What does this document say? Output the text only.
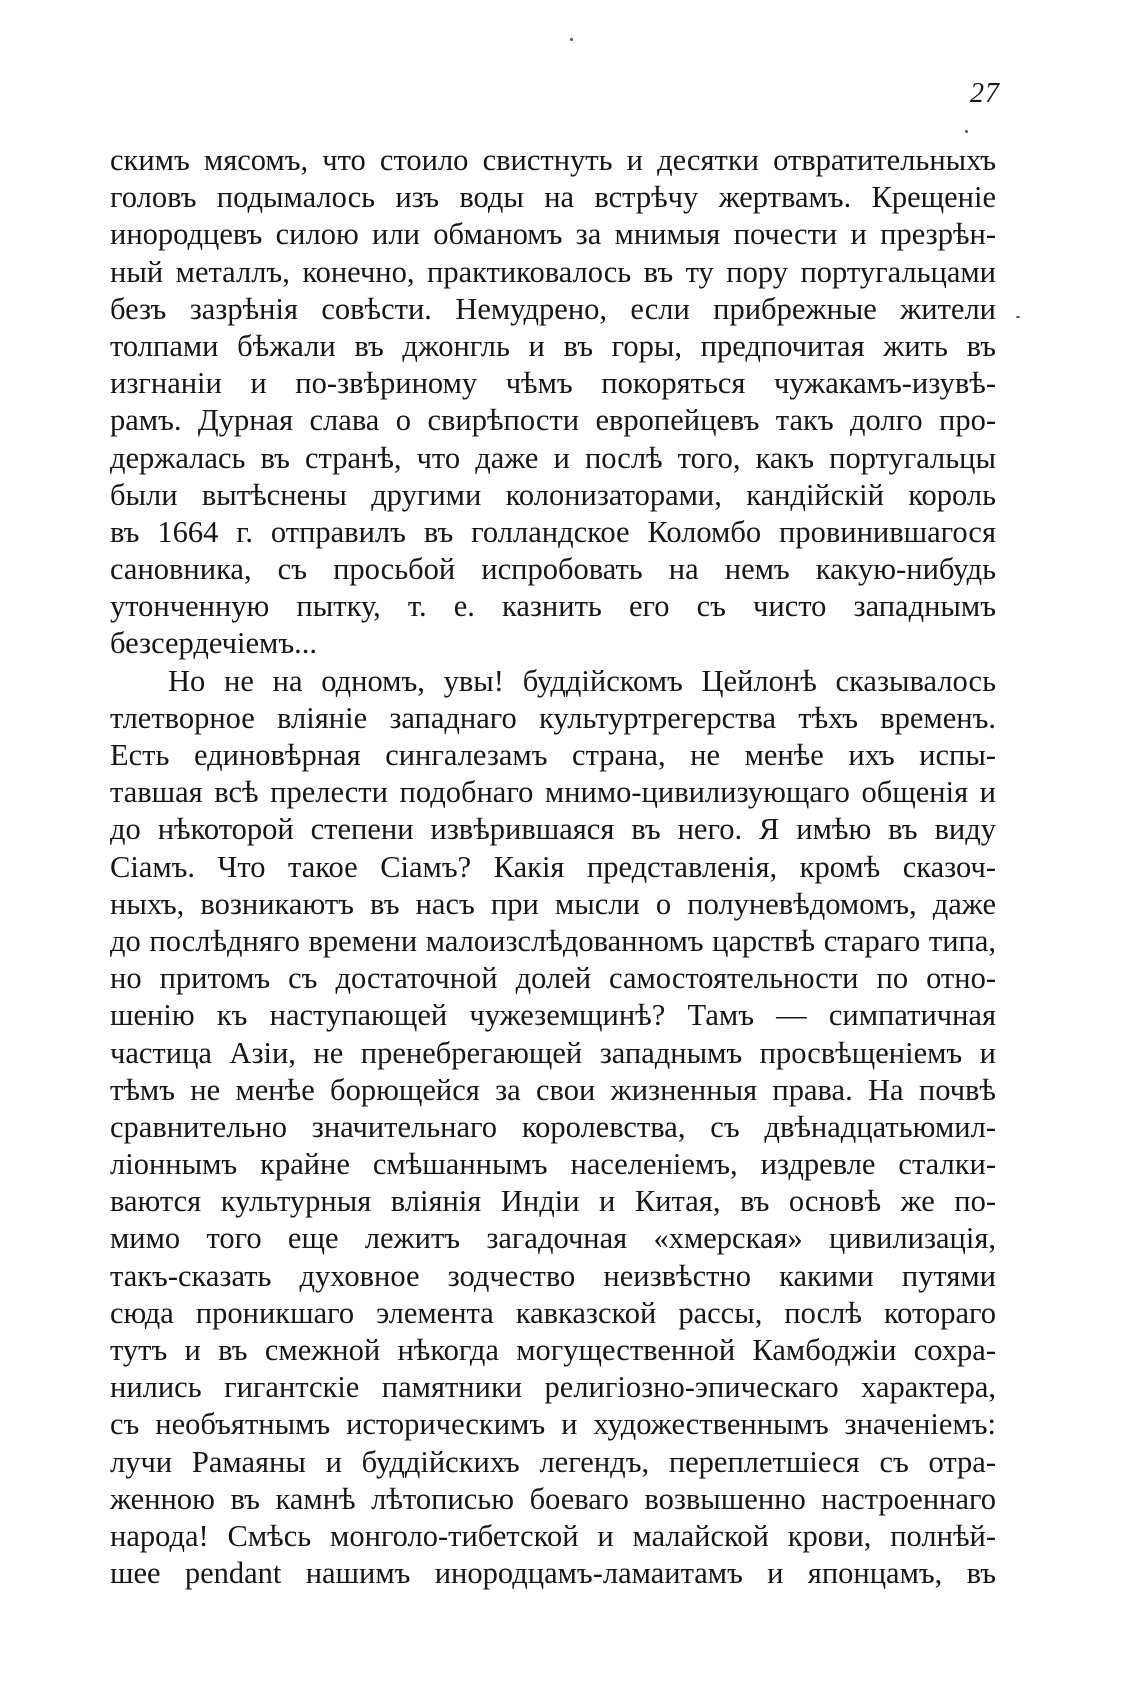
27
скимъ мясомъ, что стоило свистнуть и десятки отвратительныхъ
головъ подымалось изъ воды на встрѣчу жертвамъ. Крещеніе
инородцевъ силою или обманомъ за мнимыя почести и презрѣн-
ный металлъ, конечно, практиковалось въ ту пору португальцами
безъ зазрѣнія совѣсти. Немудрено, если прибрежные жители
толпами бѣжали въ джонгль и въ горы, предпочитая жить въ
изгнаніи и по-звѣриному чѣмъ покоряться чужакамъ-изувѣ-
рамъ. Дурная слава о свирѣпости европейцевъ такъ долго про-
держалась въ странѣ, что даже и послѣ того, какъ португальцы
были вытѣснены другими колонизаторами, кандійскій король
въ 1664 г. отправилъ въ голландское Коломбо провинившагося
сановника, съ просьбой испробовать на немъ какую-нибудь
утонченную пытку, т. е. казнить его съ чисто западнымъ
безсердечіемъ...
Но не на одномъ, увы! буддійскомъ Цейлонѣ сказывалось
тлетворное вліяніе западнаго культуртрегерства тѣхъ временъ.
Есть единовѣрная сингалезамъ страна, не менѣе ихъ испы-
тавшая всѣ прелести подобнаго мнимо-цивилизующаго общенія и
до нѣкоторой степени извѣрившаяся въ него. Я имѣю въ виду
Сіамъ. Что такое Сіамъ? Какія представленія, кромѣ сказоч-
ныхъ, возникаютъ въ насъ при мысли о полуневѣдомомъ, даже
до послѣдняго времени малоизслѣдованномъ царствѣ стараго типа,
но притомъ съ достаточной долей самостоятельности по отно-
шенію къ наступающей чужеземщинѣ? Тамъ — симпатичная
частица Азіи, не пренебрегающей западнымъ просвѣщеніемъ и
тѣмъ не менѣе борющейся за свои жизненныя права. На почвѣ
сравнительно значительнаго королевства, съ двѣнадцатьюмил-
ліоннымъ крайне смѣшаннымъ населеніемъ, издревле сталки-
ваются культурныя вліянія Индіи и Китая, въ основѣ же по-
мимо того еще лежитъ загадочная «хмерская» цивилизація,
такъ-сказать духовное зодчество неизвѣстно какими путями
сюда проникшаго элемента кавказской рассы, послѣ котораго
тутъ и въ смежной нѣкогда могущественной Камбоджіи сохра-
нились гигантскіе памятники религіозно-эпическаго характера,
съ необъятнымъ историческимъ и художественнымъ значеніемъ:
лучи Рамаяны и буддійскихъ легендъ, переплетшіеся съ отра-
женною въ камнѣ лѣтописью боеваго возвышенно настроеннаго
народа! Смѣсь монголо-тибетской и малайской крови, полнѣй-
шее pendant нашимъ инородцамъ-ламаитамъ и японцамъ, въ
